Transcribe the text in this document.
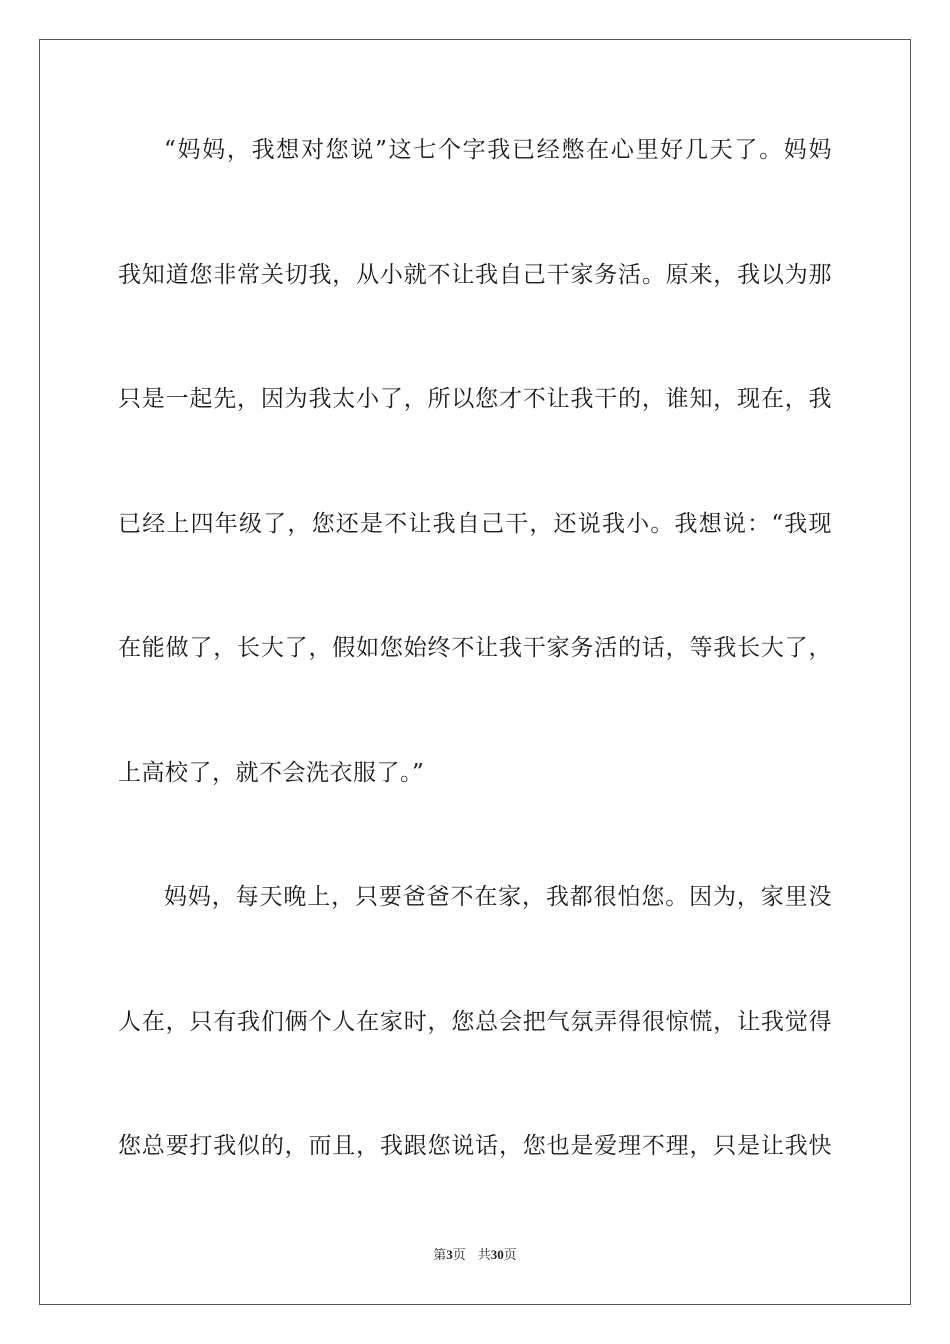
“妈妈，我想对您说”这七个字我已经憋在心里好几天了。妈妈
我知道您非常关切我，从小就不让我自己干家务活。原来，我以为那
只是一起先，因为我太小了，所以您才不让我干的，谁知，现在，我
已经上四年级了，您还是不让我自己干，还说我小。我想说：“我现
在能做了，长大了，假如您始终不让我干家务活的话，等我长大了，
上高校了，就不会洗衣服了。”
妈妈，每天晚上，只要爸爸不在家，我都很怕您。因为，家里没
人在，只有我们俩个人在家时，您总会把气氛弄得很惊慌，让我觉得
您总要打我似的，而且，我跟您说话，您也是爱理不理，只是让我快
第3页 共30页
